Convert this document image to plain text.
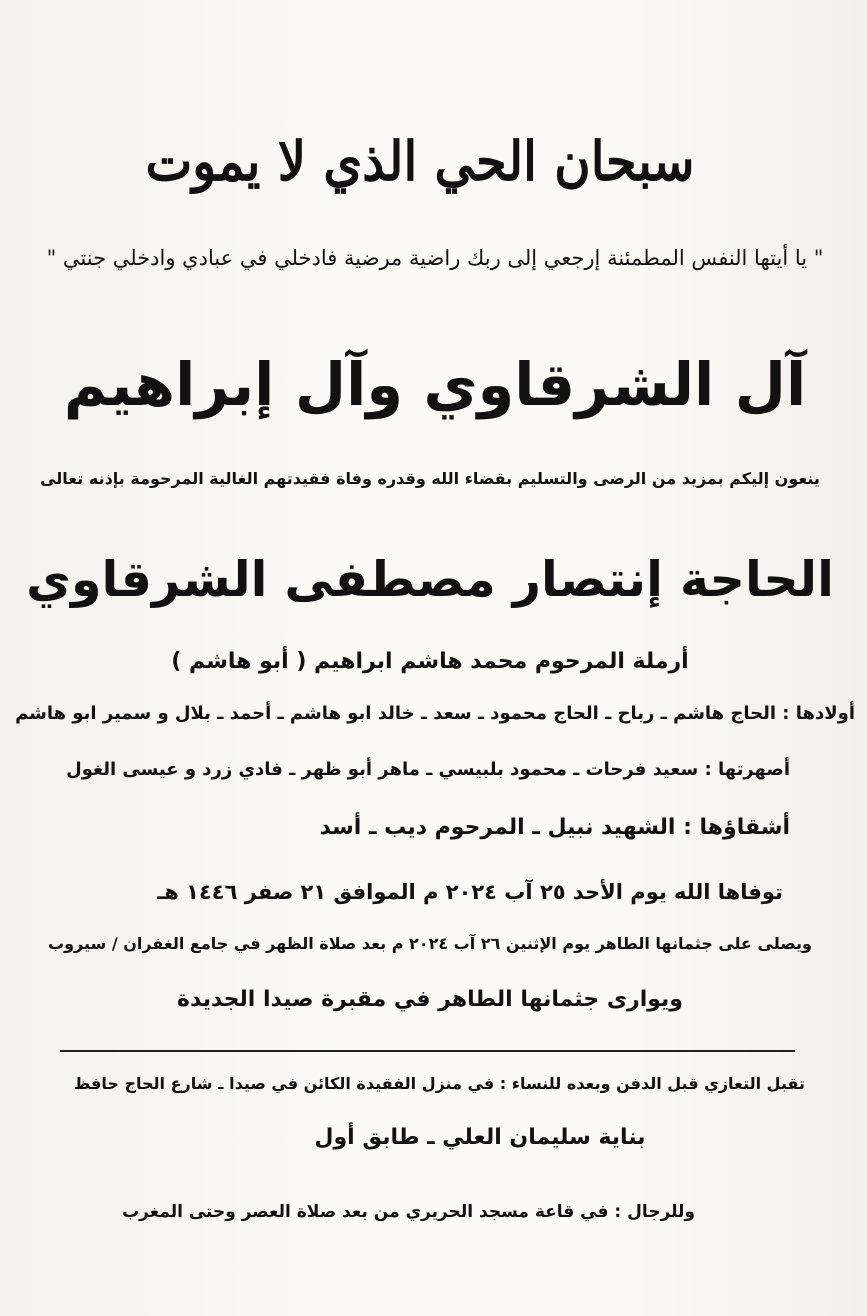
سبحان الحي الذي لا يموت
" يا أيتها النفس المطمئنة إرجعي إلى ربك راضية مرضية فادخلي في عبادي وادخلي جنتي "
آل الشرقاوي وآل إبراهيم
ينعون إليكم بمزيد من الرضى والتسليم بقضاء الله وقدره وفاة فقيدتهم الغالية المرحومة بإذنه تعالى
الحاجة إنتصار مصطفى الشرقاوي
أرملة المرحوم محمد هاشم ابراهيم ( أبو هاشم )
أولادها : الحاج هاشم ـ رباح ـ الحاج محمود ـ سعد ـ خالد ابو هاشم ـ أحمد ـ بلال و سمير ابو هاشم
أصهرتها : سعيد فرحات ـ محمود بلبيسي ـ ماهر أبو ظهر ـ فادي زرد و عيسى الغول
أشقاؤها : الشهيد نبيل ـ المرحوم ديب ـ أسد
توفاها الله يوم الأحد ٢٥ آب ٢٠٢٤ م الموافق ٢١ صفر ١٤٤٦ هـ
ويصلى على جثمانها الطاهر يوم الإثنين ٢٦ آب ٢٠٢٤ م بعد صلاة الظهر في جامع الغفران / سيروب
ويوارى جثمانها الطاهر في مقبرة صيدا الجديدة
تقبل التعازي قبل الدفن وبعده للنساء : في منزل الفقيدة الكائن في صيدا ـ شارع الحاج حافظ
بناية سليمان العلي ـ طابق أول
وللرجال : في قاعة مسجد الحريري من بعد صلاة العصر وحتى المغرب
